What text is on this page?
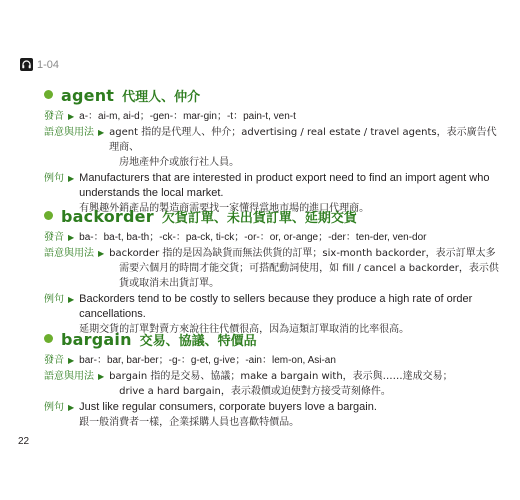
1-04
agent 代理人、仲介
發音 ▶ a-：ai-m, ai-d；-gen-：mar-gin；-t：pain-t, ven-t
語意與用法 ▶ agent 指的是代理人、仲介；advertising / real estate / travel agents，表示廣告代理商、

房地產仲介或旅行社人員。

例句 ▶ Manufacturers that are interested in product export need to find an import agent who

understands the local market.

有興趣外銷產品的製造商需要找一家懂得當地市場的進口代理商。

backorder 欠貨訂單、未出貨訂單、延期交貨
發音 ▶ ba-：ba-t, ba-th；-ck-：pa-ck, ti-ck；-or-：or, or-ange；-der：ten-der, ven-dor
語意與用法 ▶ backorder 指的是因為缺貨而無法供貨的訂單；six-month backorder，表示訂單太多

需要六個月的時間才能交貨；可搭配動詞使用，如 fill / cancel a backorder，表示供

貨或取消未出貨訂單。

例句 ▶ Backorders tend to be costly to sellers because they produce a high rate of order cancellations.

延期交貨的訂單對賣方來說往往代價很高，因為這類訂單取消的比率很高。

bargain 交易、協議、特價品
發音 ▶ bar-：bar, bar-ber；-g-：g-et, g-ive；-ain：lem-on, Asi-an
語意與用法 ▶ bargain 指的是交易、協議；make a bargain with，表示與……達成交易；

drive a hard bargain，表示殺價或迫使對方接受苛刻條件。

例句 ▶ Just like regular consumers, corporate buyers love a bargain.

跟一般消費者一樣，企業採購人員也喜歡特價品。

22
